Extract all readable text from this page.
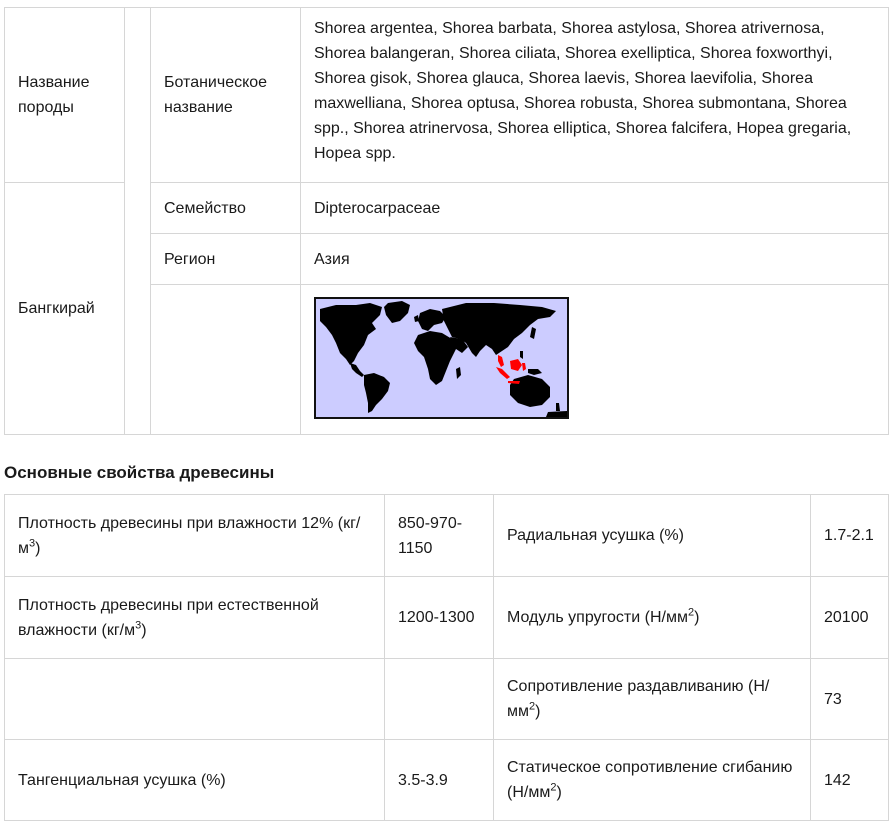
Название породы		Ботаническое название	Shorea argentea, Shorea barbata, Shorea astylosa, Shorea atrivernosa, Shorea balangeran, Shorea ciliata, Shorea exelliptica, Shorea foxworthyi, Shorea gisok, Shorea glauca, Shorea laevis, Shorea laevifolia, Shorea maxwelliana, Shorea optusa, Shorea robusta, Shorea submontana, Shorea spp., Shorea atrinervosa, Shorea elliptica, Shorea falcifera, Hopea gregaria, Hopea spp.
Бангкирай		Семейство	Dipterocarpaceae
		Регион	Азия

Основные свойства древесины
Плотность древесины при влажности 12% $(кг/м^3)$	850-970-1150	Радиальная усушка (%)	1.7-2.1
Плотность древесины при естественной влажности $(кг/м^3)$	1200-1300	Модуль упругости $(Н/мм^2)$	20100
		Сопротивление раздавливанию $(Н/мм^2)$	73
Тангенциальная усушка (%)	3.5-3.9	Статическое сопротивление сгибанию $(Н/мм^2)$	142
